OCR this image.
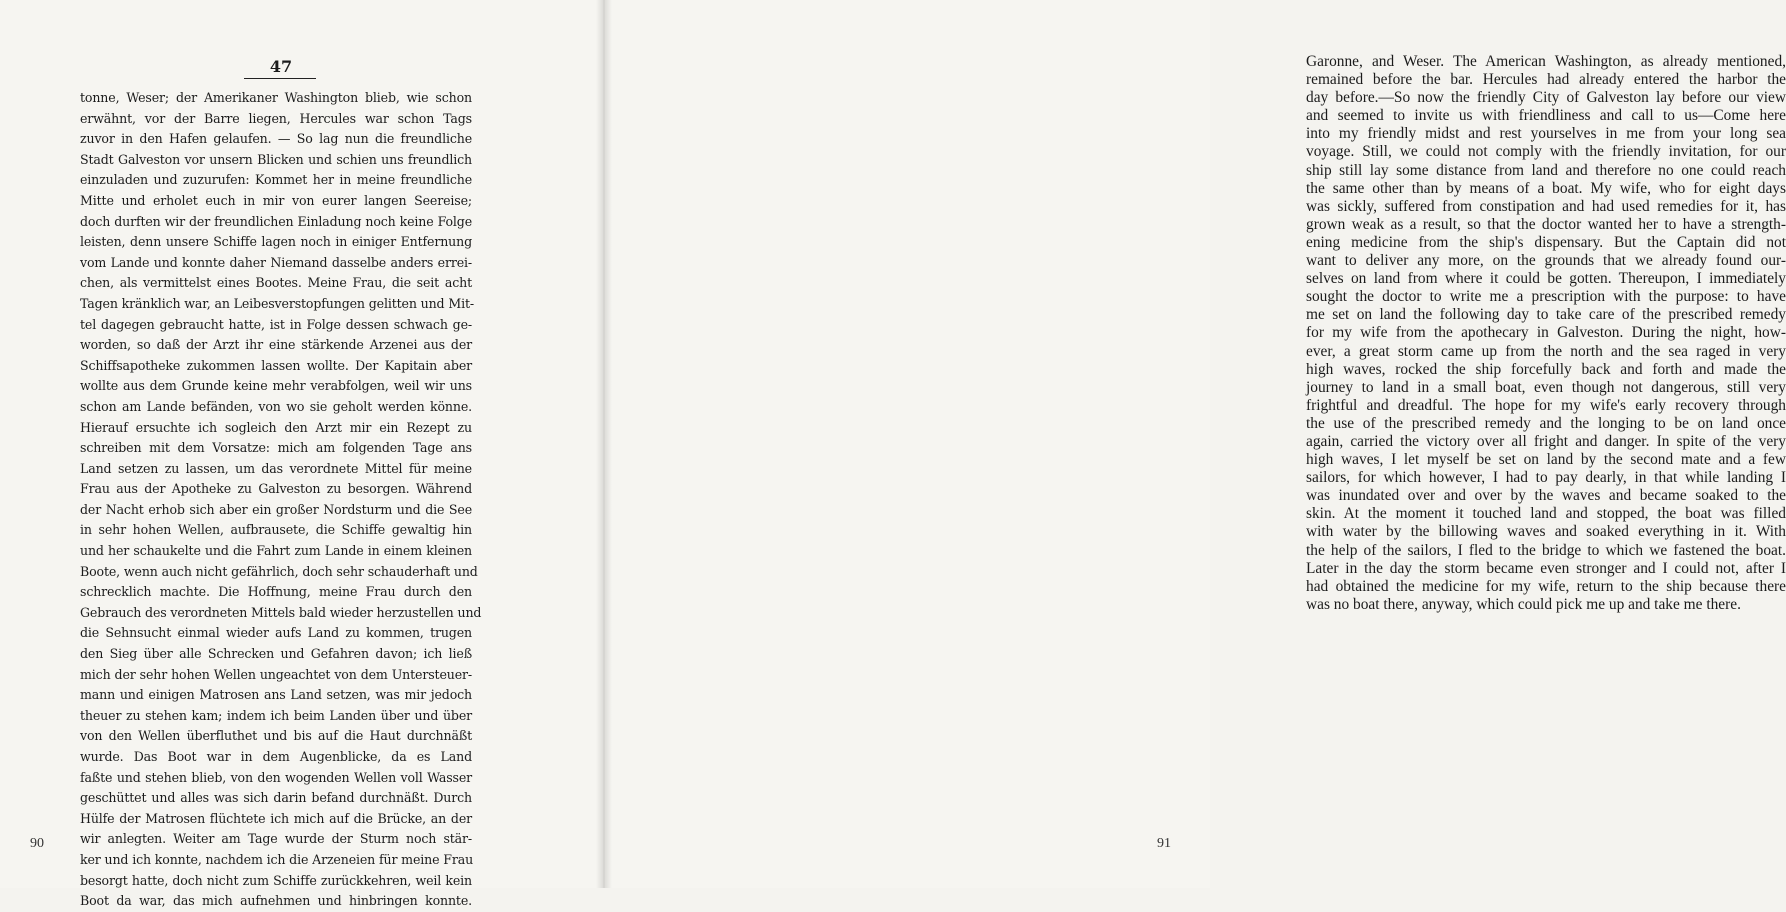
47
tonne, Weser; der Amerikaner Washington blieb, wie schon
erwähnt, vor der Barre liegen, Hercules war schon Tags
zuvor in den Hafen gelaufen. — So lag nun die freundliche
Stadt Galveston vor unsern Blicken und schien uns freundlich
einzuladen und zuzurufen: Kommet her in meine freundliche
Mitte und erholet euch in mir von eurer langen Seereise;
doch durften wir der freundlichen Einladung noch keine Folge
leisten, denn unsere Schiffe lagen noch in einiger Entfernung
vom Lande und konnte daher Niemand dasselbe anders errei-
chen, als vermittelst eines Bootes. Meine Frau, die seit acht
Tagen kränklich war, an Leibesverstopfungen gelitten und Mit-
tel dagegen gebraucht hatte, ist in Folge dessen schwach ge-
worden, so daß der Arzt ihr eine stärkende Arzenei aus der
Schiffsapotheke zukommen lassen wollte. Der Kapitain aber
wollte aus dem Grunde keine mehr verabfolgen, weil wir uns
schon am Lande befänden, von wo sie geholt werden könne.
Hierauf ersuchte ich sogleich den Arzt mir ein Rezept zu
schreiben mit dem Vorsatze: mich am folgenden Tage ans
Land setzen zu lassen, um das verordnete Mittel für meine
Frau aus der Apotheke zu Galveston zu besorgen. Während
der Nacht erhob sich aber ein großer Nordsturm und die See
in sehr hohen Wellen, aufbrausete, die Schiffe gewaltig hin
und her schaukelte und die Fahrt zum Lande in einem kleinen
Boote, wenn auch nicht gefährlich, doch sehr schauderhaft und
schrecklich machte. Die Hoffnung, meine Frau durch den
Gebrauch des verordneten Mittels bald wieder herzustellen und
die Sehnsucht einmal wieder aufs Land zu kommen, trugen
den Sieg über alle Schrecken und Gefahren davon; ich ließ
mich der sehr hohen Wellen ungeachtet von dem Untersteuer-
mann und einigen Matrosen ans Land setzen, was mir jedoch
theuer zu stehen kam; indem ich beim Landen über und über
von den Wellen überfluthet und bis auf die Haut durchnäßt
wurde. Das Boot war in dem Augenblicke, da es Land
faßte und stehen blieb, von den wogenden Wellen voll Wasser
geschüttet und alles was sich darin befand durchnäßt. Durch
Hülfe der Matrosen flüchtete ich mich auf die Brücke, an der
wir anlegten. Weiter am Tage wurde der Sturm noch stär-
ker und ich konnte, nachdem ich die Arzeneien für meine Frau
besorgt hatte, doch nicht zum Schiffe zurückkehren, weil kein
Boot da war, das mich aufnehmen und hinbringen konnte.
90
Garonne, and Weser. The American Washington, as already mentioned,
remained before the bar. Hercules had already entered the harbor the
day before.—So now the friendly City of Galveston lay before our view
and seemed to invite us with friendliness and call to us—Come here
into my friendly midst and rest yourselves in me from your long sea
voyage. Still, we could not comply with the friendly invitation, for our
ship still lay some distance from land and therefore no one could reach
the same other than by means of a boat. My wife, who for eight days
was sickly, suffered from constipation and had used remedies for it, has
grown weak as a result, so that the doctor wanted her to have a strength-
ening medicine from the ship's dispensary. But the Captain did not
want to deliver any more, on the grounds that we already found our-
selves on land from where it could be gotten. Thereupon, I immediately
sought the doctor to write me a prescription with the purpose: to have
me set on land the following day to take care of the prescribed remedy
for my wife from the apothecary in Galveston. During the night, how-
ever, a great storm came up from the north and the sea raged in very
high waves, rocked the ship forcefully back and forth and made the
journey to land in a small boat, even though not dangerous, still very
frightful and dreadful. The hope for my wife's early recovery through
the use of the prescribed remedy and the longing to be on land once
again, carried the victory over all fright and danger. In spite of the very
high waves, I let myself be set on land by the second mate and a few
sailors, for which however, I had to pay dearly, in that while landing I
was inundated over and over by the waves and became soaked to the
skin. At the moment it touched land and stopped, the boat was filled
with water by the billowing waves and soaked everything in it. With
the help of the sailors, I fled to the bridge to which we fastened the boat.
Later in the day the storm became even stronger and I could not, after I
had obtained the medicine for my wife, return to the ship because there
was no boat there, anyway, which could pick me up and take me there.
91
